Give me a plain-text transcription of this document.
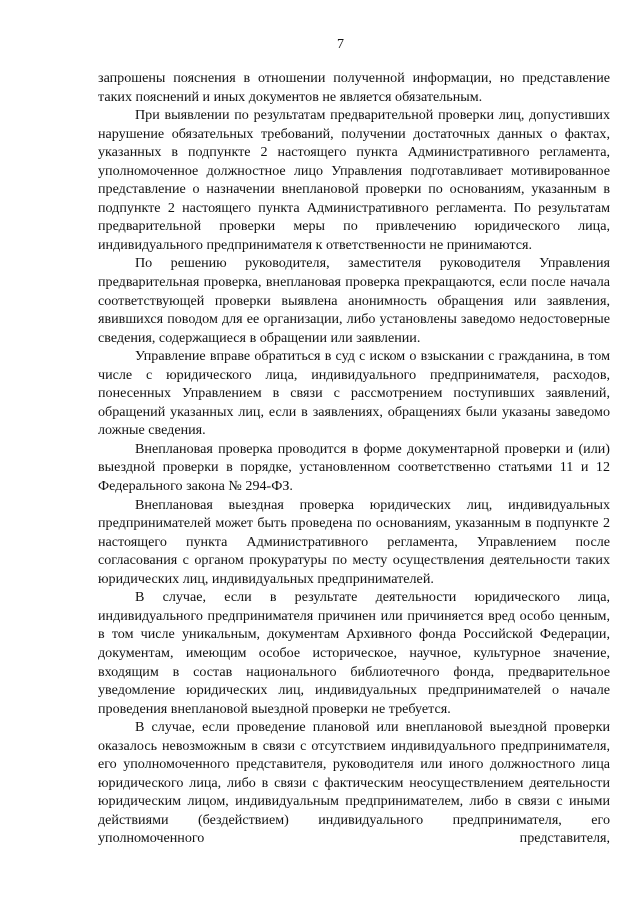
7

запрошены пояснения в отношении полученной информации, но представление таких пояснений и иных документов не является обязательным.

При выявлении по результатам предварительной проверки лиц, допустивших нарушение обязательных требований, получении достаточных данных о фактах, указанных в подпункте 2 настоящего пункта Административного регламента, уполномоченное должностное лицо Управления подготавливает мотивированное представление о назначении внеплановой проверки по основаниям, указанным в подпункте 2 настоящего пункта Административного регламента. По результатам предварительной проверки меры по привлечению юридического лица, индивидуального предпринимателя к ответственности не принимаются.

По решению руководителя, заместителя руководителя Управления предварительная проверка, внеплановая проверка прекращаются, если после начала соответствующей проверки выявлена анонимность обращения или заявления, явившихся поводом для ее организации, либо установлены заведомо недостоверные сведения, содержащиеся в обращении или заявлении.

Управление вправе обратиться в суд с иском о взыскании с гражданина, в том числе с юридического лица, индивидуального предпринимателя, расходов, понесенных Управлением в связи с рассмотрением поступивших заявлений, обращений указанных лиц, если в заявлениях, обращениях были указаны заведомо ложные сведения.

Внеплановая проверка проводится в форме документарной проверки и (или) выездной проверки в порядке, установленном соответственно статьями 11 и 12 Федерального закона № 294-ФЗ.

Внеплановая выездная проверка юридических лиц, индивидуальных предпринимателей может быть проведена по основаниям, указанным в подпункте 2 настоящего пункта Административного регламента, Управлением после согласования с органом прокуратуры по месту осуществления деятельности таких юридических лиц, индивидуальных предпринимателей.

В случае, если в результате деятельности юридического лица, индивидуального предпринимателя причинен или причиняется вред особо ценным, в том числе уникальным, документам Архивного фонда Российской Федерации, документам, имеющим особое историческое, научное, культурное значение, входящим в состав национального библиотечного фонда, предварительное уведомление юридических лиц, индивидуальных предпринимателей о начале проведения внеплановой выездной проверки не требуется.

В случае, если проведение плановой или внеплановой выездной проверки оказалось невозможным в связи с отсутствием индивидуального предпринимателя, его уполномоченного представителя, руководителя или иного должностного лица юридического лица, либо в связи с фактическим неосуществлением деятельности юридическим лицом, индивидуальным предпринимателем, либо в связи с иными действиями (бездействием) индивидуального предпринимателя, его уполномоченного представителя,
